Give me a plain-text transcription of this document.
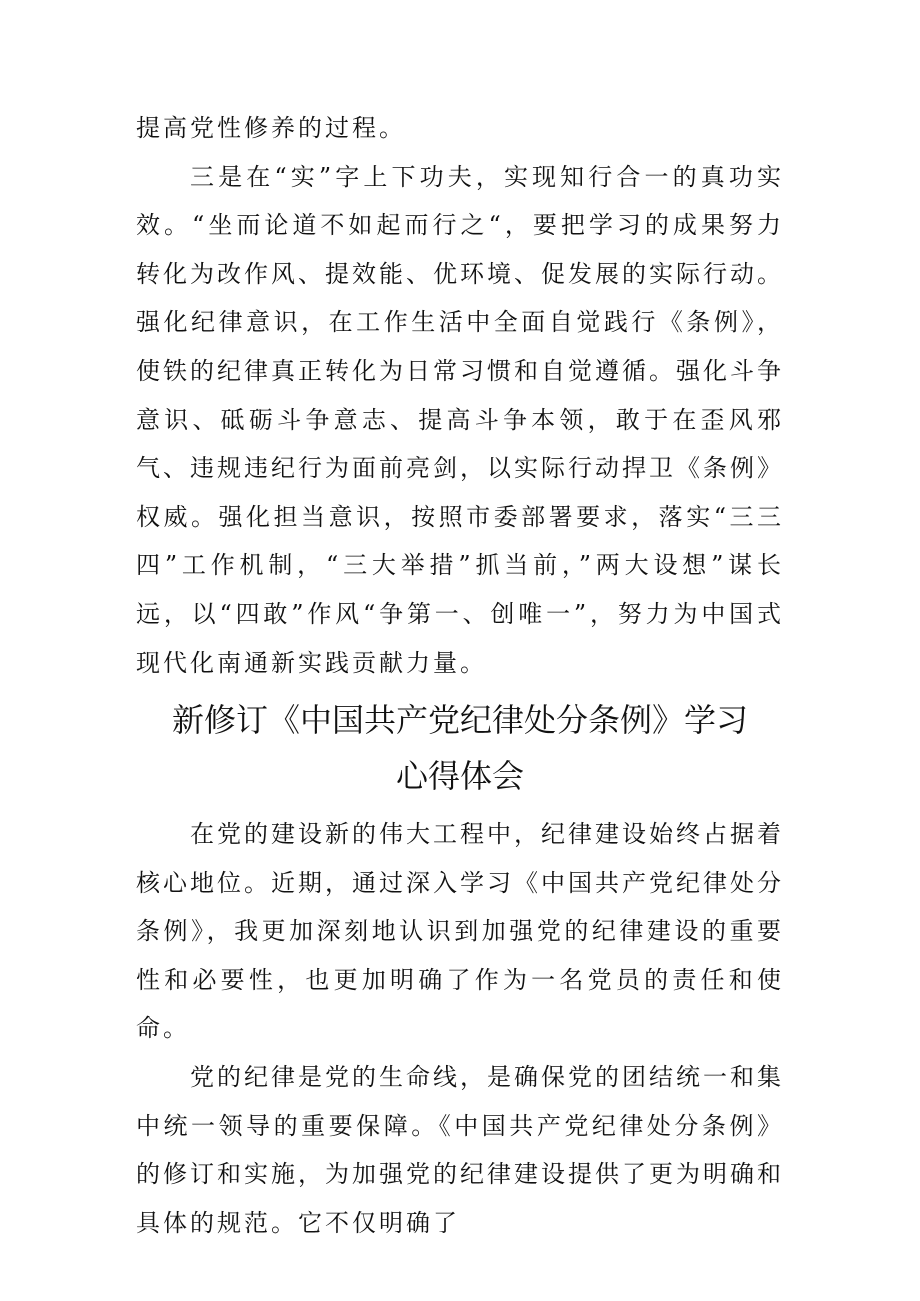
提高党性修养的过程。

三是在“实”字上下功夫，实现知行合一的真功实效。“坐而论道不如起而行之“，要把学习的成果努力转化为改作风、提效能、优环境、促发展的实际行动。强化纪律意识，在工作生活中全面自觉践行《条例》，使铁的纪律真正转化为日常习惯和自觉遵循。强化斗争意识、砥砺斗争意志、提高斗争本领，敢于在歪风邪气、违规违纪行为面前亮剑，以实际行动捍卫《条例》权威。强化担当意识，按照市委部署要求，落实“三三四”工作机制，“三大举措”抓当前，”两大设想”谋长远，以“四敢”作风“争第一、创唯一”，努力为中国式现代化南通新实践贡献力量。

新修订《中国共产党纪律处分条例》学习
心得体会

在党的建设新的伟大工程中，纪律建设始终占据着核心地位。近期，通过深入学习《中国共产党纪律处分条例》，我更加深刻地认识到加强党的纪律建设的重要性和必要性，也更加明确了作为一名党员的责任和使命。

党的纪律是党的生命线，是确保党的团结统一和集中统一领导的重要保障。《中国共产党纪律处分条例》的修订和实施，为加强党的纪律建设提供了更为明确和具体的规范。它不仅明确了
